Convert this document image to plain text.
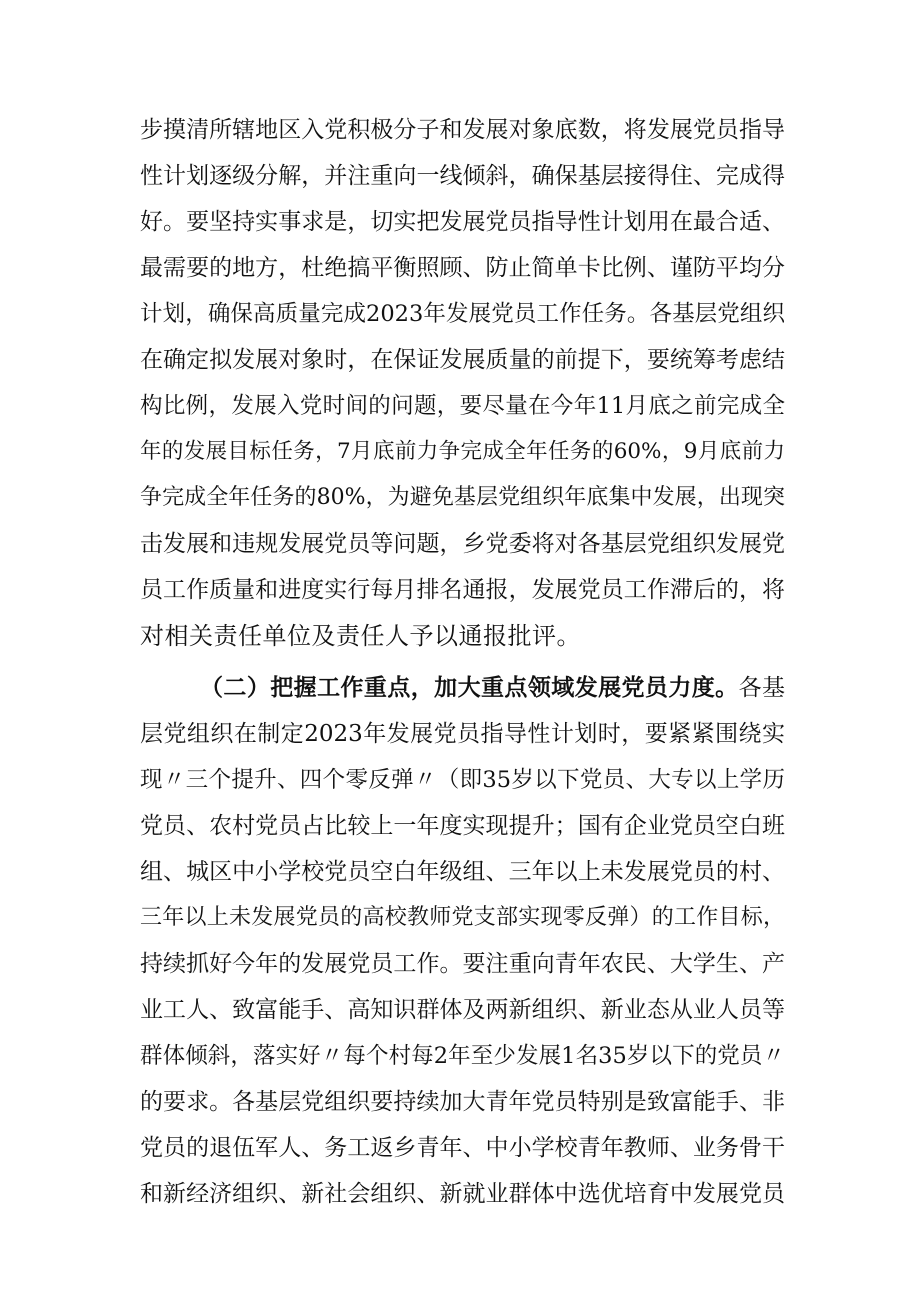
步摸清所辖地区入党积极分子和发展对象底数，将发展党员指导
性计划逐级分解，并注重向一线倾斜，确保基层接得住、完成得
好。要坚持实事求是，切实把发展党员指导性计划用在最合适、
最需要的地方，杜绝搞平衡照顾、防止简单卡比例、谨防平均分
计划，确保高质量完成2023年发展党员工作任务。各基层党组织
在确定拟发展对象时，在保证发展质量的前提下，要统筹考虑结
构比例，发展入党时间的问题，要尽量在今年11月底之前完成全
年的发展目标任务，7月底前力争完成全年任务的60%，9月底前力
争完成全年任务的80%，为避免基层党组织年底集中发展，出现突
击发展和违规发展党员等问题，乡党委将对各基层党组织发展党
员工作质量和进度实行每月排名通报，发展党员工作滞后的，将
对相关责任单位及责任人予以通报批评。
（二）把握工作重点，加大重点领域发展党员力度。各基
层党组织在制定2023年发展党员指导性计划时，要紧紧围绕实
现〃三个提升、四个零反弹〃（即35岁以下党员、大专以上学历
党员、农村党员占比较上一年度实现提升；国有企业党员空白班
组、城区中小学校党员空白年级组、三年以上未发展党员的村、
三年以上未发展党员的高校教师党支部实现零反弹）的工作目标，
持续抓好今年的发展党员工作。要注重向青年农民、大学生、产
业工人、致富能手、高知识群体及两新组织、新业态从业人员等
群体倾斜，落实好〃每个村每2年至少发展1名35岁以下的党员〃
的要求。各基层党组织要持续加大青年党员特别是致富能手、非
党员的退伍军人、务工返乡青年、中小学校青年教师、业务骨干
和新经济组织、新社会组织、新就业群体中选优培育中发展党员
